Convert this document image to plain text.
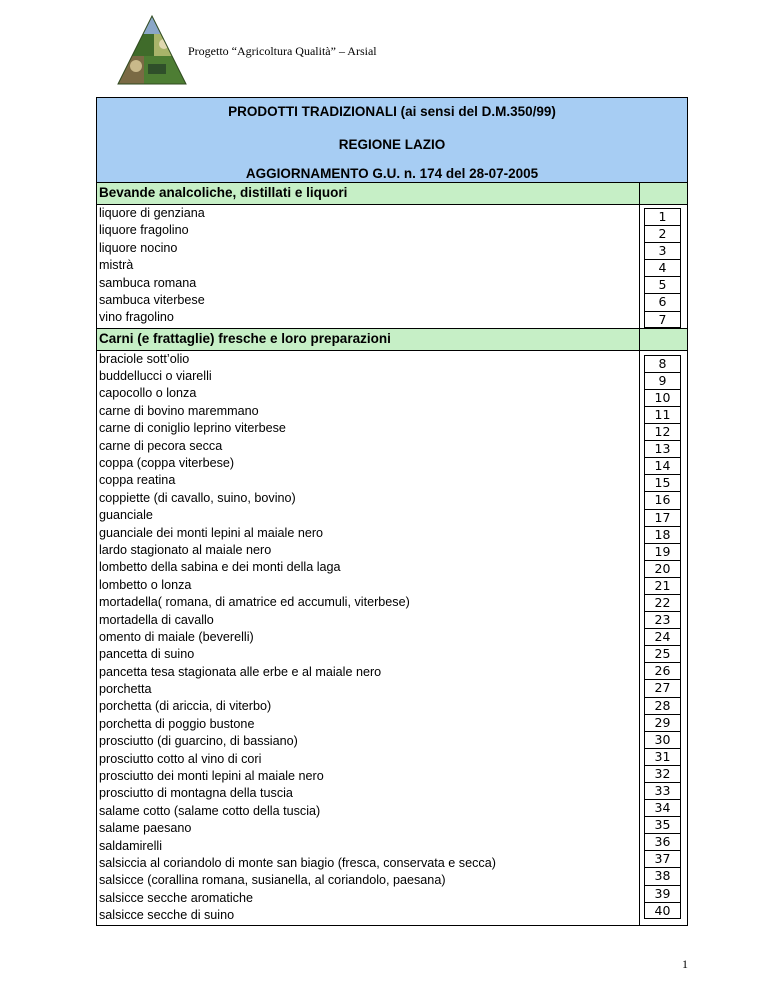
Progetto “Agricoltura Qualità” – Arsial
PRODOTTI TRADIZIONALI (ai sensi del D.M.350/99)
REGIONE LAZIO
AGGIORNAMENTO G.U. n. 174 del 28-07-2005
Bevande analcoliche, distillati e liquori
liquore di genziana
liquore fragolino
liquore nocino
mistrà
sambuca romana
sambuca viterbese
vino fragolino
1
2
3
4
5
6
7
Carni (e frattaglie) fresche e loro preparazioni
braciole sott’olio
buddellucci o viarelli
capocollo o lonza
carne di bovino maremmano
carne di coniglio leprino viterbese
carne di pecora secca
coppa (coppa viterbese)
coppa reatina
coppiette (di cavallo, suino, bovino)
guanciale
guanciale dei monti lepini al maiale nero
lardo stagionato al maiale nero
lombetto della sabina e dei monti della laga
lombetto o lonza
mortadella( romana, di amatrice ed accumuli, viterbese)
mortadella di cavallo
omento di maiale (beverelli)
pancetta di suino
pancetta tesa stagionata alle erbe e al maiale nero
porchetta
porchetta (di ariccia, di viterbo)
porchetta di poggio bustone
prosciutto (di guarcino, di bassiano)
prosciutto cotto al vino di cori
prosciutto dei monti lepini al maiale nero
prosciutto di montagna della tuscia
salame cotto (salame cotto della tuscia)
salame paesano
saldamirelli
salsiccia al coriandolo di monte san biagio (fresca, conservata e secca)
salsicce (corallina romana, susianella, al coriandolo, paesana)
salsicce secche aromatiche
salsicce secche di suino
8
9
10
11
12
13
14
15
16
17
18
19
20
21
22
23
24
25
26
27
28
29
30
31
32
33
34
35
36
37
38
39
40
1
